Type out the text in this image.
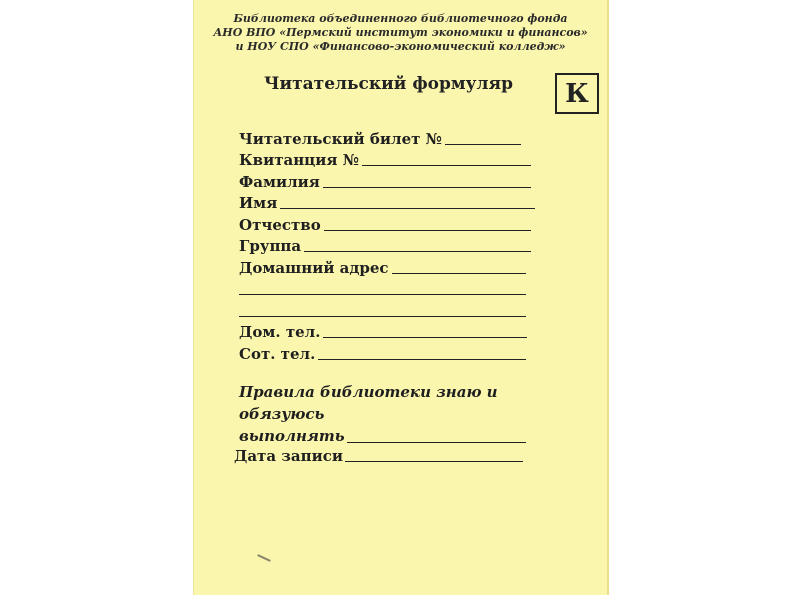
Библиотека объединенного библиотечного фонда
АНО ВПО «Пермский институт экономики и финансов»
и НОУ СПО «Финансово-экономический колледж»
Читательский формуляр	К
Читательский билет №
Квитанция №
Фамилия
Имя
Отчество
Группа
Домашний адрес
Дом. тел.
Сот. тел.
Правила библиотеки знаю и обязуюсь
выполнять
Дата записи
